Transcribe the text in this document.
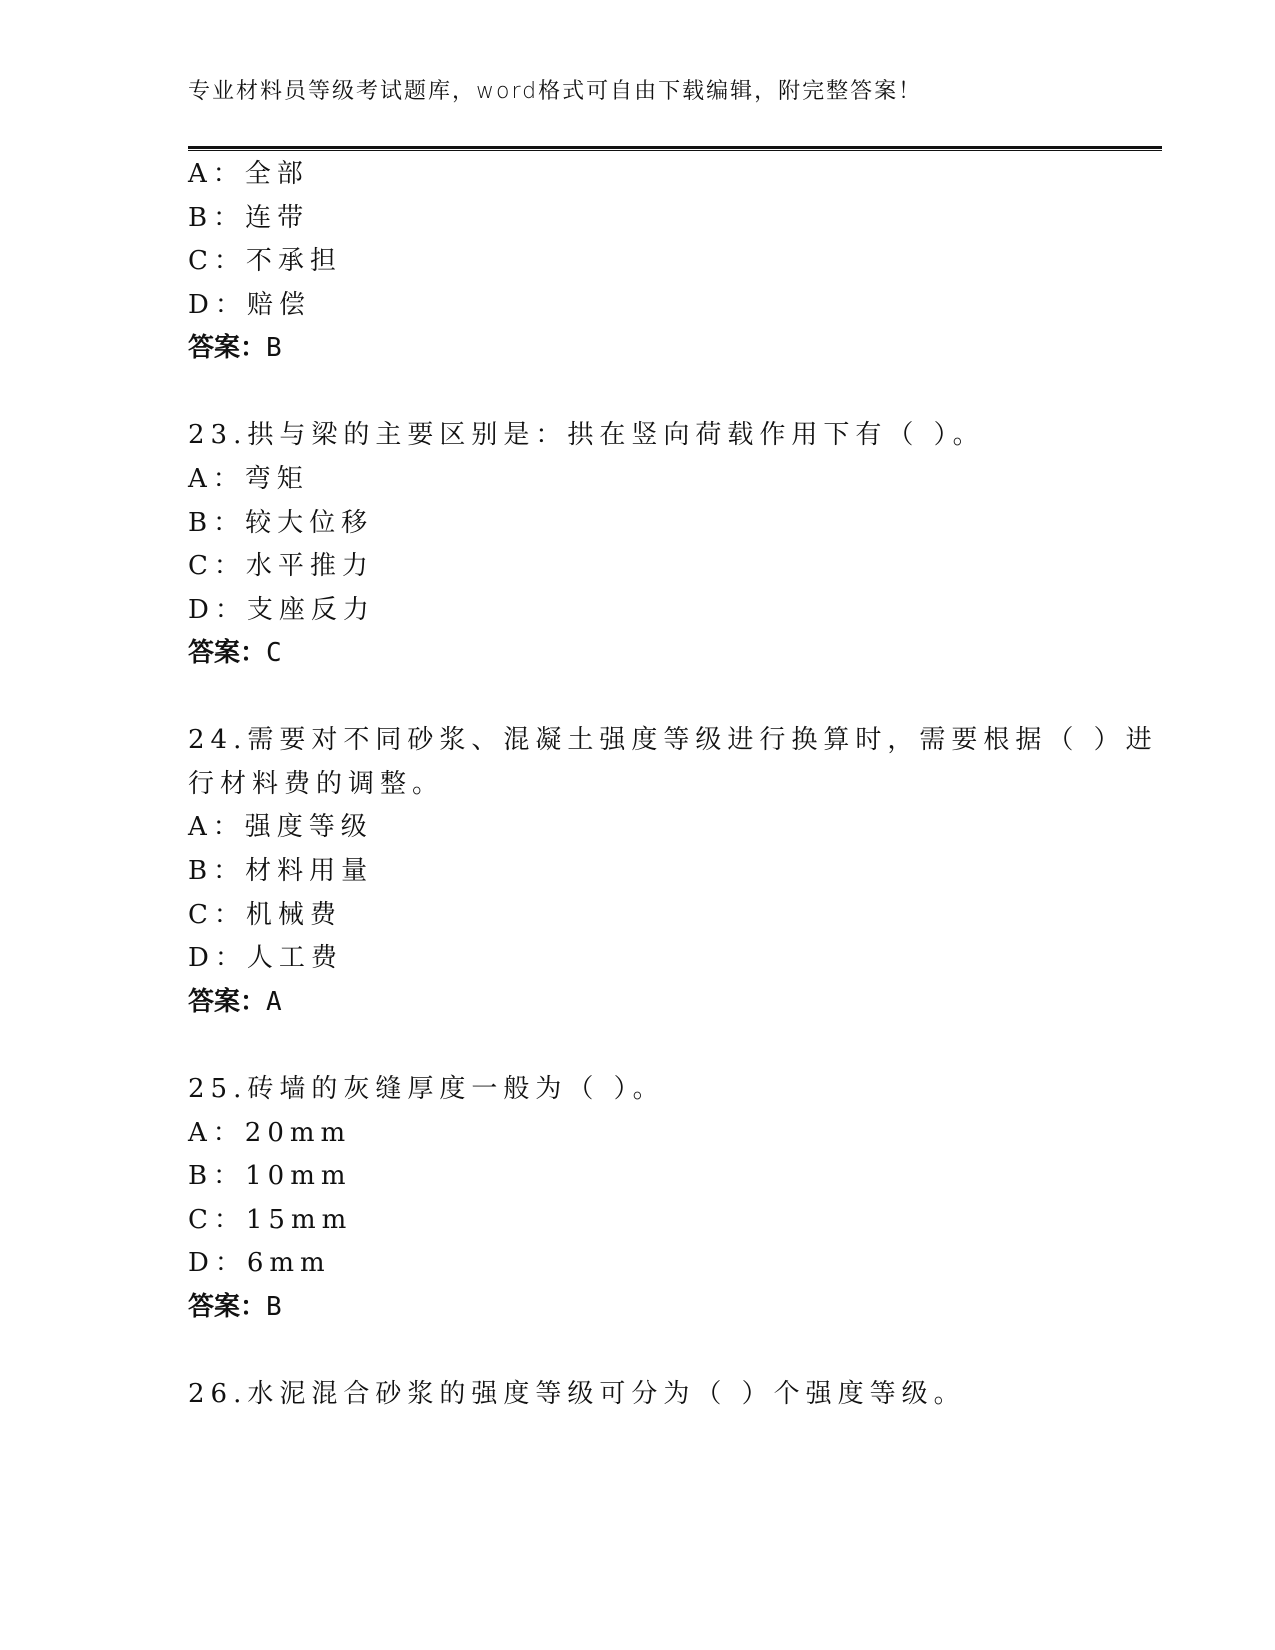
专业材料员等级考试题库，word格式可自由下载编辑，附完整答案！
A：全部
B：连带
C：不承担
D：赔偿
答案：B
23.拱与梁的主要区别是：拱在竖向荷载作用下有（ ）。
A：弯矩
B：较大位移
C：水平推力
D：支座反力
答案：C
24.需要对不同砂浆、混凝土强度等级进行换算时，需要根据（ ）进
行材料费的调整。
A：强度等级
B：材料用量
C：机械费
D：人工费
答案：A
25.砖墙的灰缝厚度一般为（ ）。
A：20mm
B：10mm
C：15mm
D：6mm
答案：B
26.水泥混合砂浆的强度等级可分为（ ）个强度等级。
